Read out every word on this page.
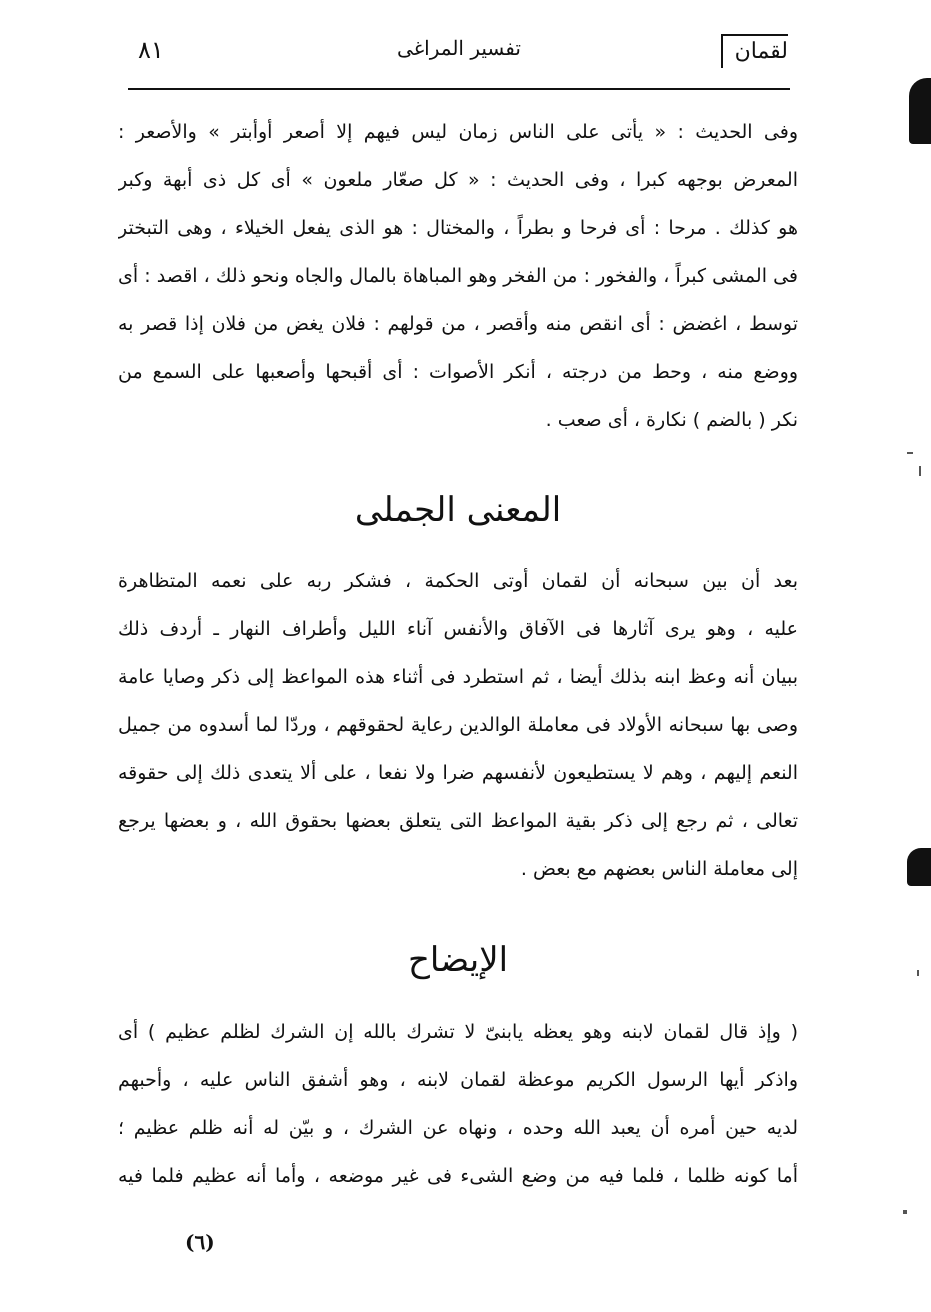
لقمان
تفسير المراغى
٨١

وفى الحديث : « يأتى على الناس زمان ليس فيهم إلا أصعر أوأبتر » والأصعر :

المعرض بوجهه كبرا ، وفى الحديث : « كل صعّار ملعون » أى كل ذى أبهة وكبر

هو كذلك . مرحا : أى فرحا و بطراً ، والمختال : هو الذى يفعل الخيلاء ، وهى التبختر

فى المشى كبراً ، والفخور : من الفخر وهو المباهاة بالمال والجاه ونحو ذلك ، اقصد : أى

توسط ، اغضض : أى انقص منه وأقصر ، من قولهم : فلان يغض من فلان إذا قصر به

ووضع منه ، وحط من درجته ، أنكر الأصوات : أى أقبحها وأصعبها على السمع من

نكر ( بالضم ) نكارة ، أى صعب .

المعنى الجملى

بعد أن بين سبحانه أن لقمان أوتى الحكمة ، فشكر ربه على نعمه المتظاهرة

عليه ، وهو يرى آثارها فى الآفاق والأنفس آناء الليل وأطراف النهار ـ أردف ذلك

ببيان أنه وعظ ابنه بذلك أيضا ، ثم استطرد فى أثناء هذه المواعظ إلى ذكر وصايا عامة

وصى بها سبحانه الأولاد فى معاملة الوالدين رعاية لحقوقهم ، وردّا لما أسدوه من جميل

النعم إليهم ، وهم لا يستطيعون لأنفسهم ضرا ولا نفعا ، على ألا يتعدى ذلك إلى حقوقه

تعالى ، ثم رجع إلى ذكر بقية المواعظ التى يتعلق بعضها بحقوق الله ، و بعضها يرجع

إلى معاملة الناس بعضهم مع بعض .

الإيضاح

( وإذ قال لقمان لابنه وهو يعظه يابنىّ لا تشرك بالله إن الشرك لظلم عظيم ) أى

واذكر أيها الرسول الكريم موعظة لقمان لابنه ، وهو أشفق الناس عليه ، وأحبهم

لديه حين أمره أن يعبد الله وحده ، ونهاه عن الشرك ، و بيّن له أنه ظلم عظيم ؛

أما كونه ظلما ، فلما فيه من وضع الشىء فى غير موضعه ، وأما أنه عظيم فلما فيه

(٦)
